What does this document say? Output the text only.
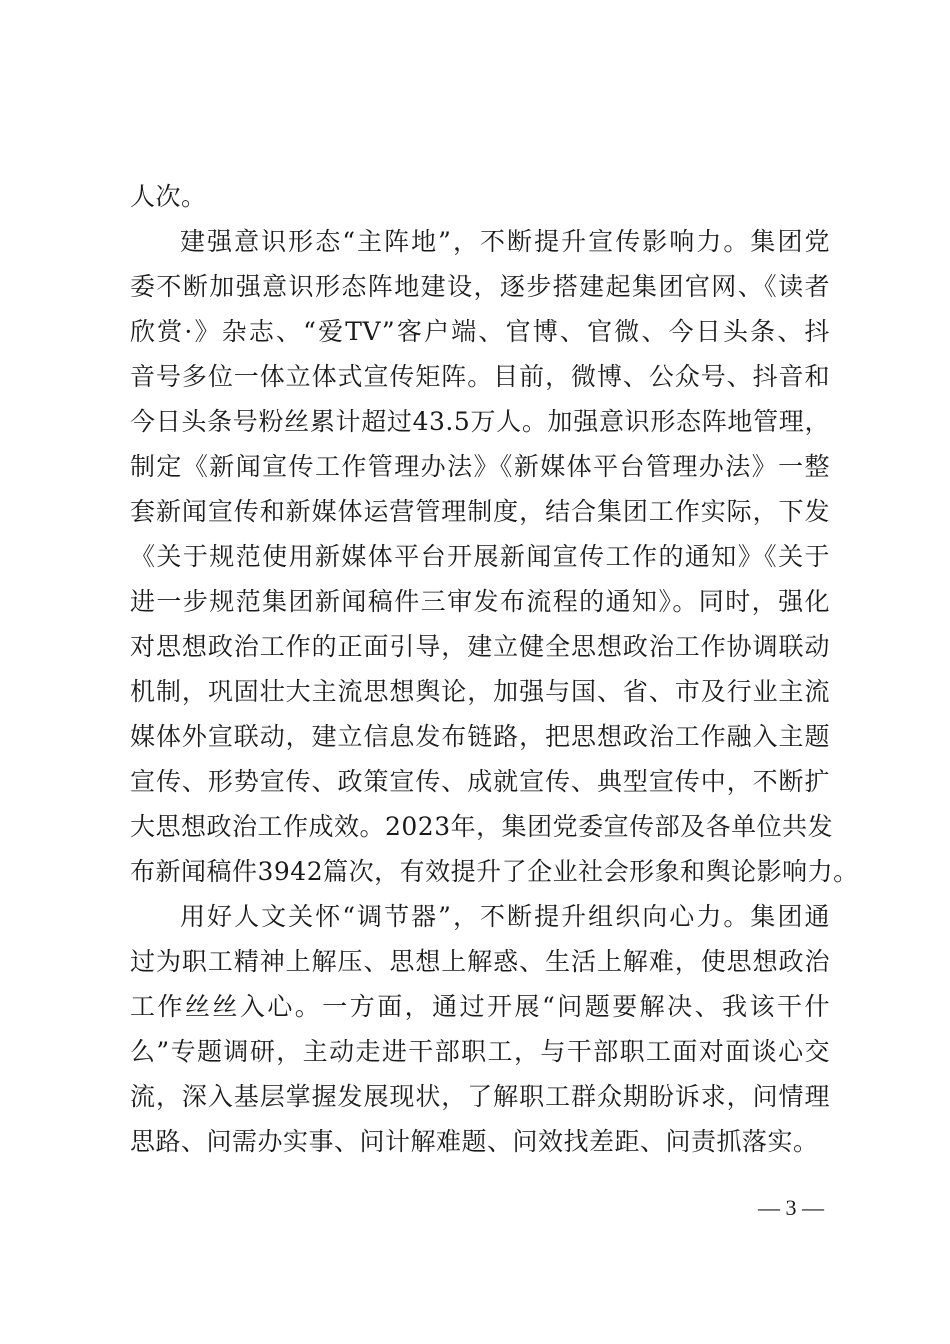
人次。
建强意识形态“主阵地”，不断提升宣传影响力。集团党
委不断加强意识形态阵地建设，逐步搭建起集团官网、《读者
欣赏·》杂志、“爱TV”客户端、官博、官微、今日头条、抖
音号多位一体立体式宣传矩阵。目前，微博、公众号、抖音和
今日头条号粉丝累计超过43.5万人。加强意识形态阵地管理，
制定《新闻宣传工作管理办法》《新媒体平台管理办法》一整
套新闻宣传和新媒体运营管理制度，结合集团工作实际，下发
《关于规范使用新媒体平台开展新闻宣传工作的通知》《关于
进一步规范集团新闻稿件三审发布流程的通知》。同时，强化
对思想政治工作的正面引导，建立健全思想政治工作协调联动
机制，巩固壮大主流思想舆论，加强与国、省、市及行业主流
媒体外宣联动，建立信息发布链路，把思想政治工作融入主题
宣传、形势宣传、政策宣传、成就宣传、典型宣传中，不断扩
大思想政治工作成效。2023年，集团党委宣传部及各单位共发
布新闻稿件3942篇次，有效提升了企业社会形象和舆论影响力。
用好人文关怀“调节器”，不断提升组织向心力。集团通
过为职工精神上解压、思想上解惑、生活上解难，使思想政治
工作丝丝入心。一方面，通过开展“问题要解决、我该干什
么”专题调研，主动走进干部职工，与干部职工面对面谈心交
流，深入基层掌握发展现状，了解职工群众期盼诉求，问情理
思路、问需办实事、问计解难题、问效找差距、问责抓落实。
— 3 —
